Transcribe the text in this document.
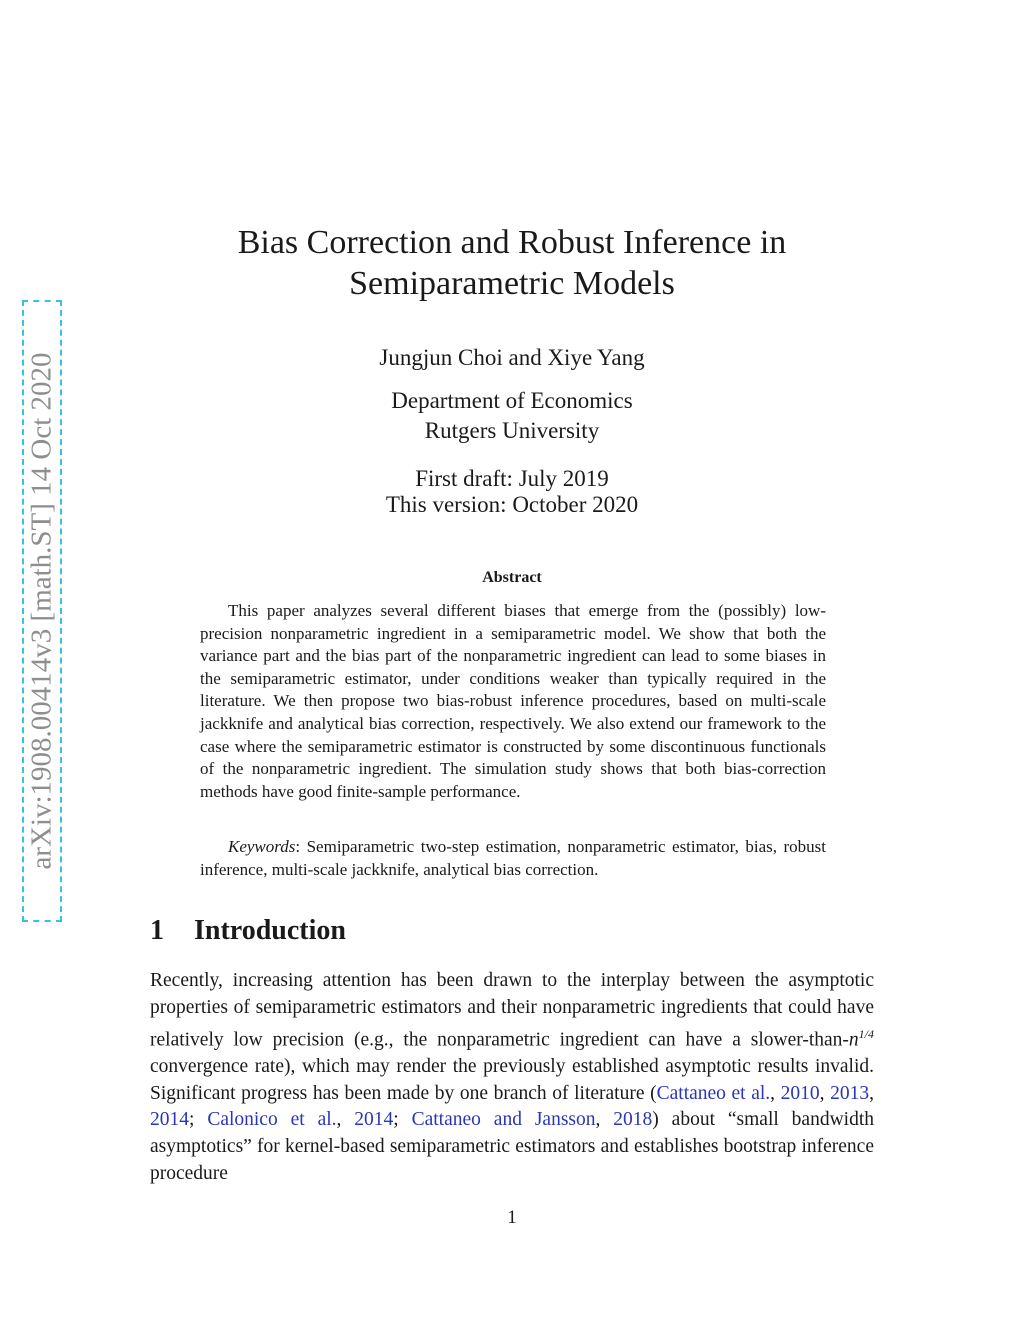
arXiv:1908.00414v3 [math.ST] 14 Oct 2020
Bias Correction and Robust Inference in
Semiparametric Models
Jungjun Choi and Xiye Yang
Department of Economics
Rutgers University
First draft: July 2019
This version: October 2020
Abstract
This paper analyzes several different biases that emerge from the (possibly) low-precision nonparametric ingredient in a semiparametric model. We show that both the variance part and the bias part of the nonparametric ingredient can lead to some biases in the semiparametric estimator, under conditions weaker than typically required in the literature. We then propose two bias-robust inference procedures, based on multi-scale jackknife and analytical bias correction, respectively. We also extend our framework to the case where the semiparametric estimator is constructed by some discontinuous functionals of the nonparametric ingredient. The simulation study shows that both bias-correction methods have good finite-sample performance.
Keywords: Semiparametric two-step estimation, nonparametric estimator, bias, robust inference, multi-scale jackknife, analytical bias correction.
1 Introduction
Recently, increasing attention has been drawn to the interplay between the asymptotic properties of semiparametric estimators and their nonparametric ingredients that could have relatively low precision (e.g., the nonparametric ingredient can have a slower-$than-n^{1/4}$ convergence rate), which may render the previously established asymptotic results invalid. Significant progress has been made by one branch of literature (Cattaneo et al., 2010, 2013, 2014; Calonico et al., 2014; Cattaneo and Jansson, 2018) about “small bandwidth asymptotics” for kernel-based semiparametric estimators and establishes bootstrap inference procedure
1
